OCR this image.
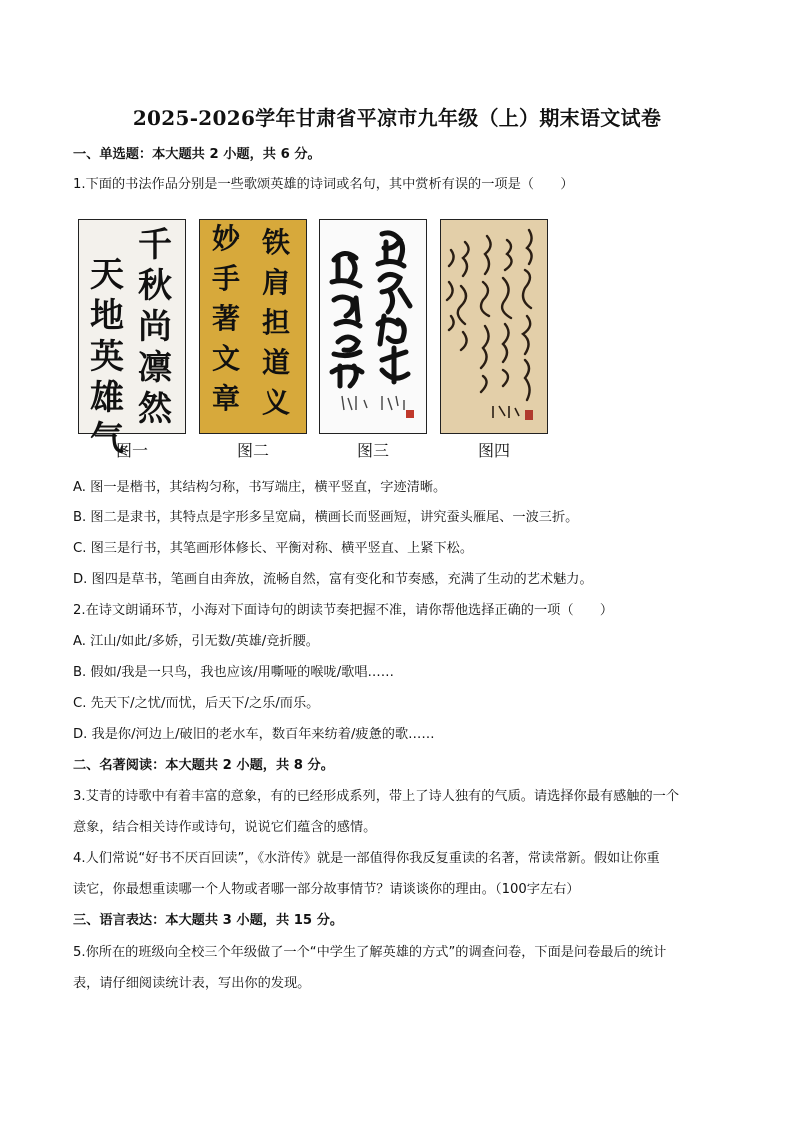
2025-2026学年甘肃省平凉市九年级（上）期末语文试卷
一、单选题：本大题共 2 小题，共 6 分。
1.下面的书法作品分别是一些歌颂英雄的诗词或名句，其中赏析有误的一项是（　　）
千
秋
尚
凛
然
天
地
英
雄
气
图一
铁
肩
担
道
义
妙
手
著
文
章
图二	图三	图四
A. 图一是楷书，其结构匀称，书写端庄，横平竖直，字迹清晰。
B. 图二是隶书，其特点是字形多呈宽扁，横画长而竖画短，讲究蚕头雁尾、一波三折。
C. 图三是行书，其笔画形体修长、平衡对称、横平竖直、上紧下松。
D. 图四是草书，笔画自由奔放，流畅自然，富有变化和节奏感，充满了生动的艺术魅力。
2.在诗文朗诵环节，小海对下面诗句的朗读节奏把握不准，请你帮他选择正确的一项（　　）
A. 江山/如此/多娇，引无数/英雄/竞折腰。
B. 假如/我是一只鸟，我也应该/用嘶哑的喉咙/歌唱……
C. 先天下/之忧/而忧，后天下/之乐/而乐。
D. 我是你/河边上/破旧的老水车，数百年来纺着/疲惫的歌……
二、名著阅读：本大题共 2 小题，共 8 分。
3.艾青的诗歌中有着丰富的意象，有的已经形成系列，带上了诗人独有的气质。请选择你最有感触的一个
意象，结合相关诗作或诗句，说说它们蕴含的感情。
4.人们常说“好书不厌百回读”，《水浒传》就是一部值得你我反复重读的名著，常读常新。假如让你重
读它，你最想重读哪一个人物或者哪一部分故事情节？请谈谈你的理由。（100字左右）
三、语言表达：本大题共 3 小题，共 15 分。
5.你所在的班级向全校三个年级做了一个“中学生了解英雄的方式”的调查问卷，下面是问卷最后的统计
表，请仔细阅读统计表，写出你的发现。
